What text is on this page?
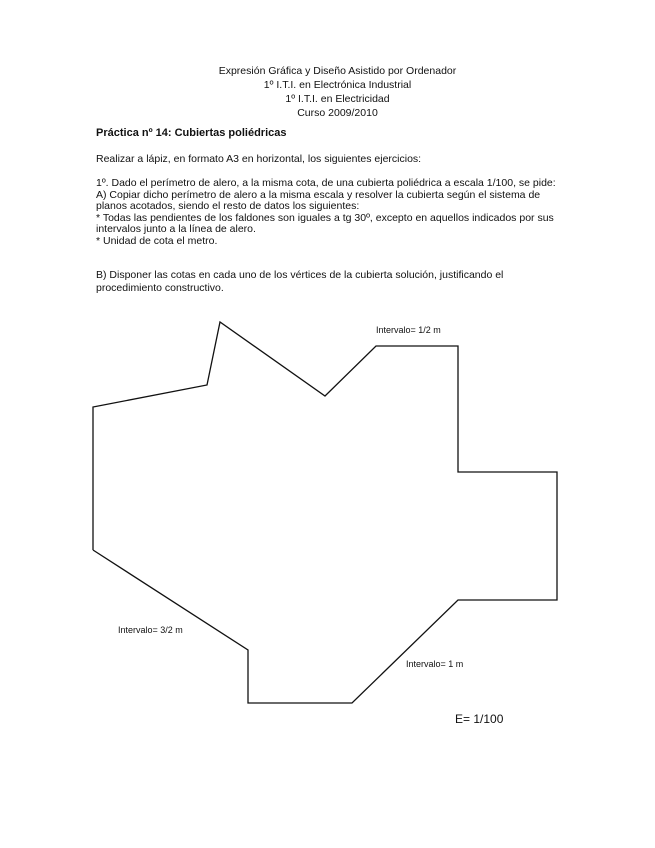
Expresión Gráfica y Diseño Asistido por Ordenador
1º I.T.I. en Electrónica Industrial
1º I.T.I. en Electricidad
Curso 2009/2010
Práctica nº 14: Cubiertas poliédricas
Realizar a lápiz, en formato A3 en horizontal, los siguientes ejercicios:

1º. Dado el perímetro de alero, a la misma cota, de una cubierta poliédrica a escala 1/100, se pide:

A) Copiar dicho perímetro de alero a la misma escala y resolver la cubierta según el sistema de planos acotados, siendo el resto de datos los siguientes:

* Todas las pendientes de los faldones son iguales a tg 30º, excepto en aquellos indicados por sus intervalos junto a la línea de alero.

* Unidad de cota el metro.

B) Disponer las cotas en cada uno de los vértices de la cubierta solución, justificando el procedimiento constructivo.
Intervalo= 1/2 m
Intervalo= 3/2 m
Intervalo= 1 m
E= 1/100
